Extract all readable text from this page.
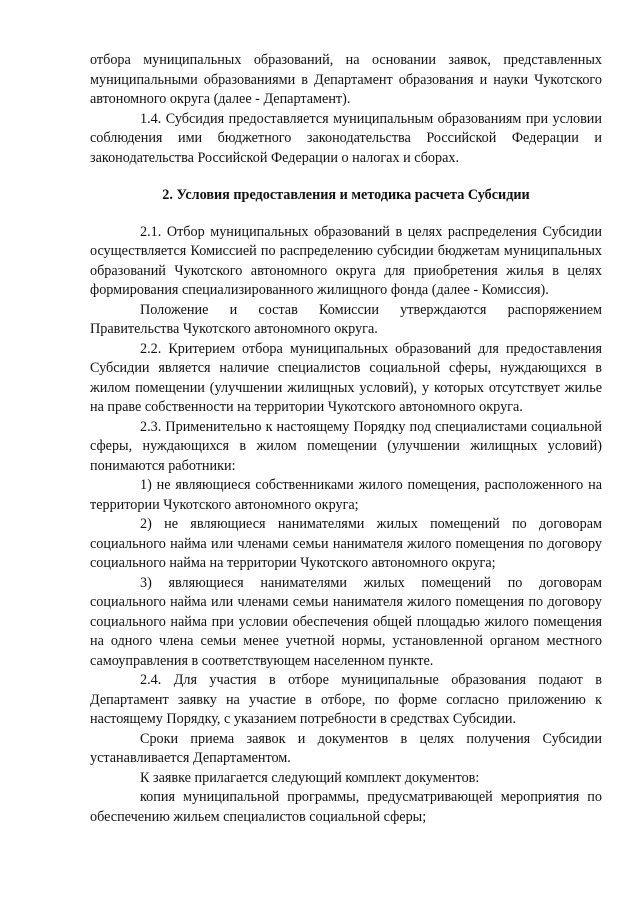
отбора муниципальных образований, на основании заявок, представленных муниципальными образованиями в Департамент образования и науки Чукотского автономного округа (далее - Департамент).

1.4. Субсидия предоставляется муниципальным образованиям при условии соблюдения ими бюджетного законодательства Российской Федерации и законодательства Российской Федерации о налогах и сборах.

2. Условия предоставления и методика расчета Субсидии

2.1. Отбор муниципальных образований в целях распределения Субсидии осуществляется Комиссией по распределению субсидии бюджетам муниципальных образований Чукотского автономного округа для приобретения жилья в целях формирования специализированного жилищного фонда (далее - Комиссия).

Положение и состав Комиссии утверждаются распоряжением Правительства Чукотского автономного округа.

2.2. Критерием отбора муниципальных образований для предоставления Субсидии является наличие специалистов социальной сферы, нуждающихся в жилом помещении (улучшении жилищных условий), у которых отсутствует жилье на праве собственности на территории Чукотского автономного округа.

2.3. Применительно к настоящему Порядку под специалистами социальной сферы, нуждающихся в жилом помещении (улучшении жилищных условий) понимаются работники:

1) не являющиеся собственниками жилого помещения, расположенного на территории Чукотского автономного округа;

2) не являющиеся нанимателями жилых помещений по договорам социального найма или членами семьи нанимателя жилого помещения по договору социального найма на территории Чукотского автономного округа;

3) являющиеся нанимателями жилых помещений по договорам социального найма или членами семьи нанимателя жилого помещения по договору социального найма при условии обеспечения общей площадью жилого помещения на одного члена семьи менее учетной нормы, установленной органом местного самоуправления в соответствующем населенном пункте.

2.4. Для участия в отборе муниципальные образования подают в Департамент заявку на участие в отборе, по форме согласно приложению к настоящему Порядку, с указанием потребности в средствах Субсидии.

Сроки приема заявок и документов в целях получения Субсидии устанавливается Департаментом.

К заявке прилагается следующий комплект документов:

копия муниципальной программы, предусматривающей мероприятия по обеспечению жильем специалистов социальной сферы;
